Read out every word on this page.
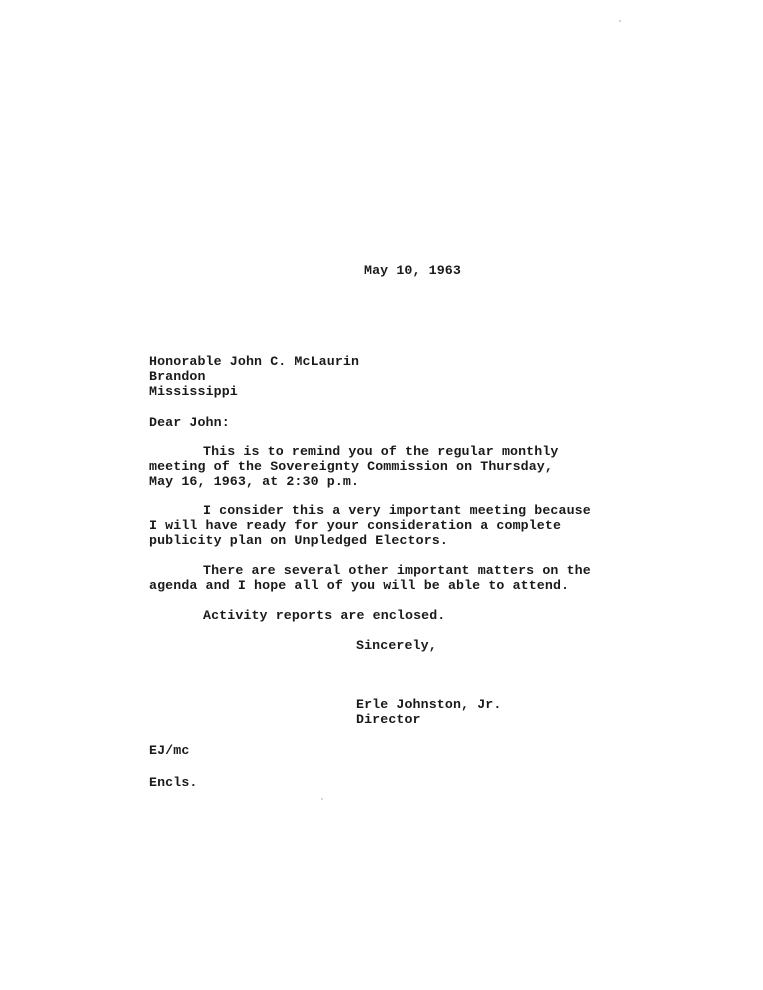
May 10, 1963
Honorable John C. McLaurin
Brandon
Mississippi
Dear John:
This is to remind you of the regular monthly
meeting of the Sovereignty Commission on Thursday,
May 16, 1963, at 2:30 p.m.
I consider this a very important meeting because
I will have ready for your consideration a complete
publicity plan on Unpledged Electors.
There are several other important matters on the
agenda and I hope all of you will be able to attend.
Activity reports are enclosed.
Sincerely,
Erle Johnston, Jr.
Director
EJ/mc
Encls.
